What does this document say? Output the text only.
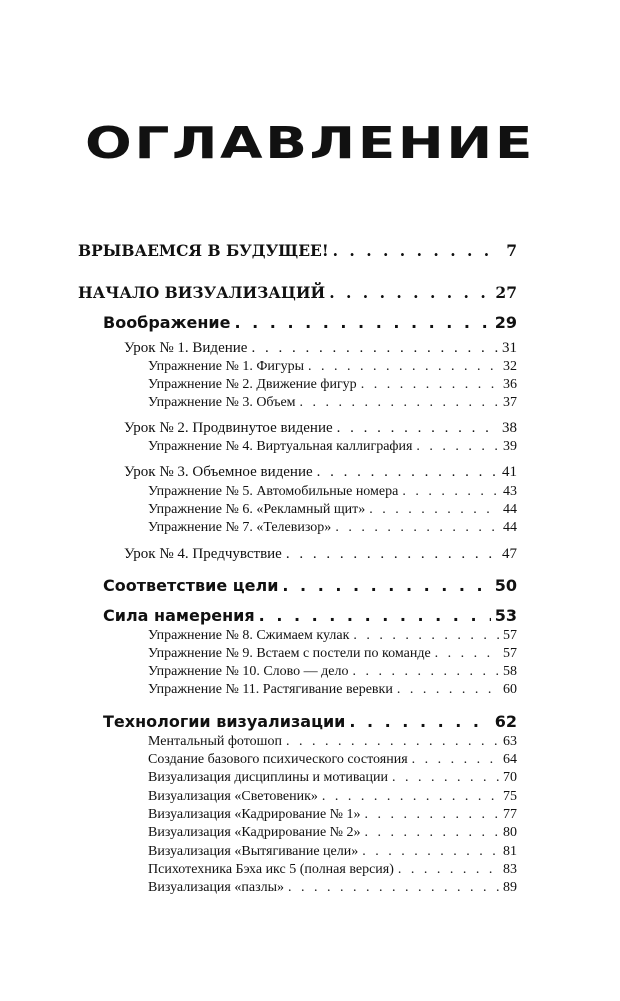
ОГЛАВЛЕНИЕ
ВРЫВАЕМСЯ В БУДУЩЕЕ! . . .	7
НАЧАЛО ВИЗУАЛИЗАЦИЙ . . .	27
Воображение . . .	29
Урок № 1. Видение . . .	31
Упражнение № 1. Фигуры . . .	32
Упражнение № 2. Движение фигур . . .	36
Упражнение № 3. Объем . . .	37
Урок № 2. Продвинутое видение . . .	38
Упражнение № 4. Виртуальная каллиграфия . . .	39
Урок № 3. Объемное видение . . .	41
Упражнение № 5. Автомобильные номера . . .	43
Упражнение № 6. «Рекламный щит» . . .	44
Упражнение № 7. «Телевизор» . . .	44
Урок № 4. Предчувствие . . .	47
Соответствие цели . . .	50
Сила намерения . . .	53
Упражнение № 8. Сжимаем кулак . . .	57
Упражнение № 9. Встаем с постели по команде . . .	57
Упражнение № 10. Слово — дело . . .	58
Упражнение № 11. Растягивание веревки . . .	60
Технологии визуализации . . .	62
Ментальный фотошоп . . .	63
Создание базового психического состояния . . .	64
Визуализация дисциплины и мотивации . . .	70
Визуализация «Световеник» . . .	75
Визуализация «Кадрирование № 1» . . .	77
Визуализация «Кадрирование № 2» . . .	80
Визуализация «Вытягивание цели» . . .	81
Психотехника Бэха икс 5 (полная версия) . . .	83
Визуализация «пазлы» . . .	89
